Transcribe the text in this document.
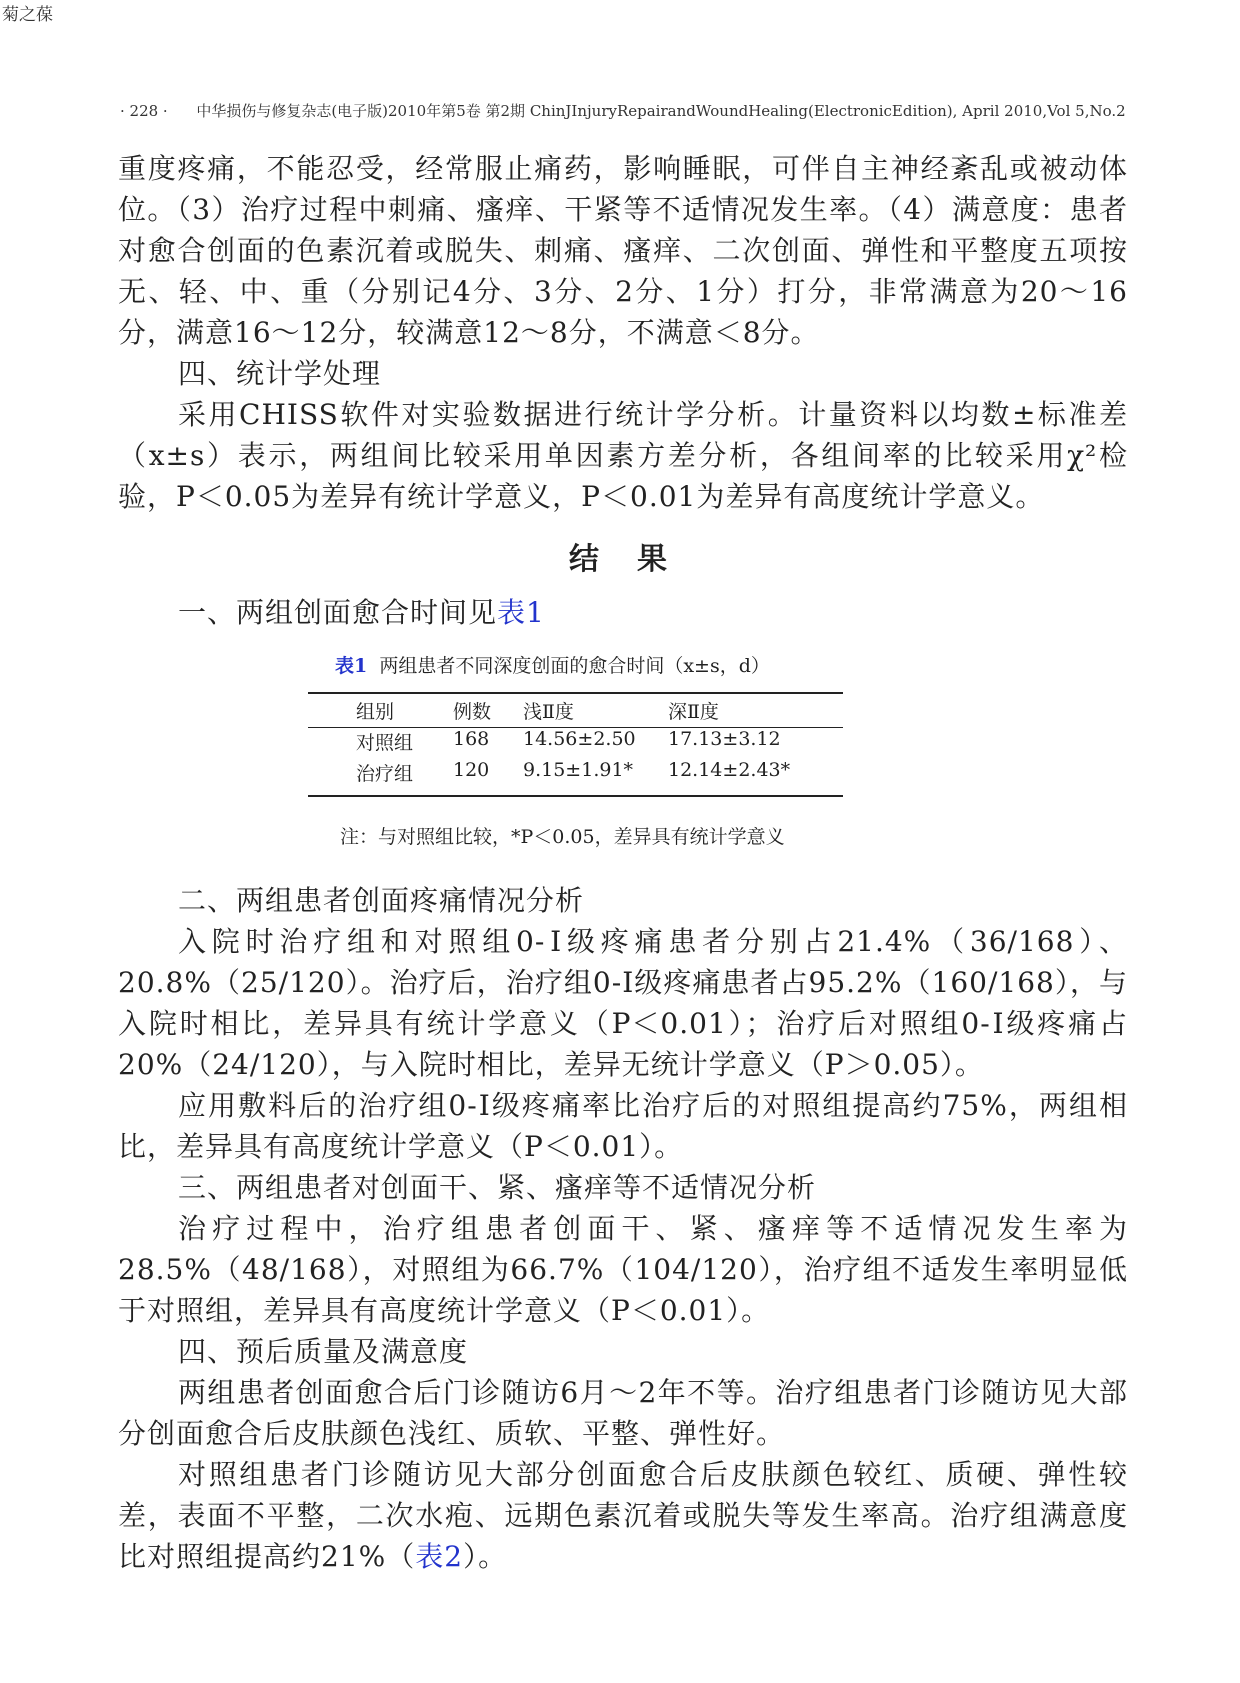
菊之葆
· 228 · 中华损伤与修复杂志(电子版)2010年第5卷 第2期 ChinJInjuryRepairandWoundHealing(ElectronicEdition), April 2010,Vol 5,No.2

重度疼痛，不能忍受，经常服止痛药，影响睡眠，可伴自主神经紊乱或被动体位。（3）治疗过程中刺痛、瘙痒、干紧等不适情况发生率。（4）满意度：患者对愈合创面的色素沉着或脱失、刺痛、瘙痒、二次创面、弹性和平整度五项按无、轻、中、重（分别记4分、3分、2分、1分）打分，非常满意为20～16分，满意16～12分，较满意12～8分，不满意＜8分。

四、统计学处理

采用CHISS软件对实验数据进行统计学分析。计量资料以均数±标准差（x±s）表示，两组间比较采用单因素方差分析，各组间率的比较采用χ²检验，P＜0.05为差异有统计学意义，P＜0.01为差异有高度统计学意义。

结　果

一、两组创面愈合时间见表1

表1 两组患者不同深度创面的愈合时间（x±s，d）
组别	例数 浅Ⅱ度	深Ⅱ度
对照组 168 14.56±2.50 17.13±3.12
治疗组 120 9.15±1.91* 12.14±2.43*
注：与对照组比较，*P＜0.05，差异具有统计学意义

二、两组患者创面疼痛情况分析

入院时治疗组和对照组0-Ⅰ级疼痛患者分别占21.4%（36/168）、20.8%（25/120）。治疗后，治疗组0-Ⅰ级疼痛患者占95.2%（160/168），与入院时相比，差异具有统计学意义（P＜0.01）；治疗后对照组0-Ⅰ级疼痛占20%（24/120），与入院时相比，差异无统计学意义（P＞0.05）。

应用敷料后的治疗组0-Ⅰ级疼痛率比治疗后的对照组提高约75%，两组相比，差异具有高度统计学意义（P＜0.01）。

三、两组患者对创面干、紧、瘙痒等不适情况分析

治疗过程中，治疗组患者创面干、紧、瘙痒等不适情况发生率为28.5%（48/168），对照组为66.7%（104/120），治疗组不适发生率明显低于对照组，差异具有高度统计学意义（P＜0.01）。

四、预后质量及满意度

两组患者创面愈合后门诊随访6月～2年不等。治疗组患者门诊随访见大部分创面愈合后皮肤颜色浅红、质软、平整、弹性好。

对照组患者门诊随访见大部分创面愈合后皮肤颜色较红、质硬、弹性较差，表面不平整，二次水疱、远期色素沉着或脱失等发生率高。治疗组满意度比对照组提高约21%（表2）。
